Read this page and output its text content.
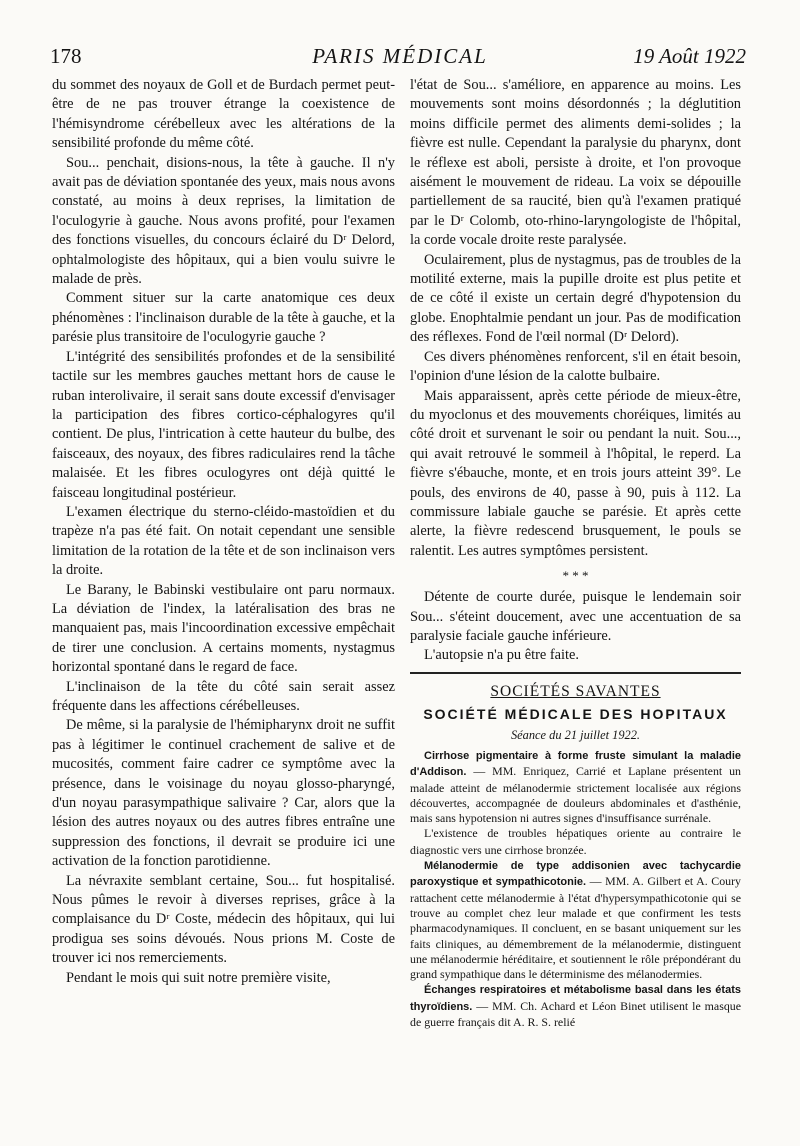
178	PARIS MÉDICAL	19 Août 1922

du sommet des noyaux de Goll et de Burdach permet peut-être de ne pas trouver étrange la coexistence de l'hémisyndrome cérébelleux avec les altérations de la sensibilité profonde du même côté.

Sou... penchait, disions-nous, la tête à gauche. Il n'y avait pas de déviation spontanée des yeux, mais nous avons constaté, au moins à deux reprises, la limitation de l'oculogyrie à gauche. Nous avons profité, pour l'examen des fonctions visuelles, du concours éclairé du Dʳ Delord, ophtalmologiste des hôpitaux, qui a bien voulu suivre le malade de près.

Comment situer sur la carte anatomique ces deux phénomènes : l'inclinaison durable de la tête à gauche, et la parésie plus transitoire de l'oculogyrie gauche ?

L'intégrité des sensibilités profondes et de la sensibilité tactile sur les membres gauches mettant hors de cause le ruban interolivaire, il serait sans doute excessif d'envisager la participation des fibres cortico-céphalogyres qu'il contient. De plus, l'intrication à cette hauteur du bulbe, des faisceaux, des noyaux, des fibres radiculaires rend la tâche malaisée. Et les fibres oculogyres ont déjà quitté le faisceau longitudinal postérieur.

L'examen électrique du sterno-cléido-mastoïdien et du trapèze n'a pas été fait. On notait cependant une sensible limitation de la rotation de la tête et de son inclinaison vers la droite.

Le Barany, le Babinski vestibulaire ont paru normaux. La déviation de l'index, la latéralisation des bras ne manquaient pas, mais l'incoordination excessive empêchait de tirer une conclusion. A certains moments, nystagmus horizontal spontané dans le regard de face.

L'inclinaison de la tête du côté sain serait assez fréquente dans les affections cérébelleuses.

De même, si la paralysie de l'hémipharynx droit ne suffit pas à légitimer le continuel crachement de salive et de mucosités, comment faire cadrer ce symptôme avec la présence, dans le voisinage du noyau glosso-pharyngé, d'un noyau parasympathique salivaire ? Car, alors que la lésion des autres noyaux ou des autres fibres entraîne une suppression des fonctions, il devrait se produire ici une activation de la fonction parotidienne.

La névraxite semblant certaine, Sou... fut hospitalisé. Nous pûmes le revoir à diverses reprises, grâce à la complaisance du Dʳ Coste, médecin des hôpitaux, qui lui prodigua ses soins dévoués. Nous prions M. Coste de trouver ici nos remerciements.

Pendant le mois qui suit notre première visite,

l'état de Sou... s'améliore, en apparence au moins. Les mouvements sont moins désordonnés ; la déglutition moins difficile permet des aliments demi-solides ; la fièvre est nulle. Cependant la paralysie du pharynx, dont le réflexe est aboli, persiste à droite, et l'on provoque aisément le mouvement de rideau. La voix se dépouille partiellement de sa raucité, bien qu'à l'examen pratiqué par le Dʳ Colomb, oto-rhino-laryngologiste de l'hôpital, la corde vocale droite reste paralysée.

Oculairement, plus de nystagmus, pas de troubles de la motilité externe, mais la pupille droite est plus petite et de ce côté il existe un certain degré d'hypotension du globe. Enophtalmie pendant un jour. Pas de modification des réflexes. Fond de l'œil normal (Dʳ Delord).

Ces divers phénomènes renforcent, s'il en était besoin, l'opinion d'une lésion de la calotte bulbaire.

Mais apparaissent, après cette période de mieux-être, du myoclonus et des mouvements choréiques, limités au côté droit et survenant le soir ou pendant la nuit. Sou..., qui avait retrouvé le sommeil à l'hôpital, le reperd. La fièvre s'ébauche, monte, et en trois jours atteint 39°. Le pouls, des environs de 40, passe à 90, puis à 112. La commissure labiale gauche se parésie. Et après cette alerte, la fièvre redescend brusquement, le pouls se ralentit. Les autres symptômes persistent.

* * *

Détente de courte durée, puisque le lendemain soir Sou... s'éteint doucement, avec une accentuation de sa paralysie faciale gauche inférieure.

L'autopsie n'a pu être faite.

SOCIÉTÉS SAVANTES
SOCIÉTÉ MÉDICALE DES HOPITAUX
Séance du 21 juillet 1922.

Cirrhose pigmentaire à forme fruste simulant la maladie d'Addison. — MM. Enriquez, Carrié et Laplane présentent un malade atteint de mélanodermie strictement localisée aux régions découvertes, accompagnée de douleurs abdominales et d'asthénie, mais sans hypotension ni autres signes d'insuffisance surrénale.

L'existence de troubles hépatiques oriente au contraire le diagnostic vers une cirrhose bronzée.

Mélanodermie de type addisonien avec tachycardie paroxystique et sympathicotonie. — MM. A. Gilbert et A. Coury rattachent cette mélanodermie à l'état d'hypersympathicotonie qui se trouve au complet chez leur malade et que confirment les tests pharmacodynamiques. Il concluent, en se basant uniquement sur les faits cliniques, au démembrement de la mélanodermie, distinguent une mélanodermie héréditaire, et soutiennent le rôle prépondérant du grand sympathique dans le déterminisme des mélanodermies.

Échanges respiratoires et métabolisme basal dans les états thyroïdiens. — MM. Ch. Achard et Léon Binet utilisent le masque de guerre français dit A. R. S. relié
